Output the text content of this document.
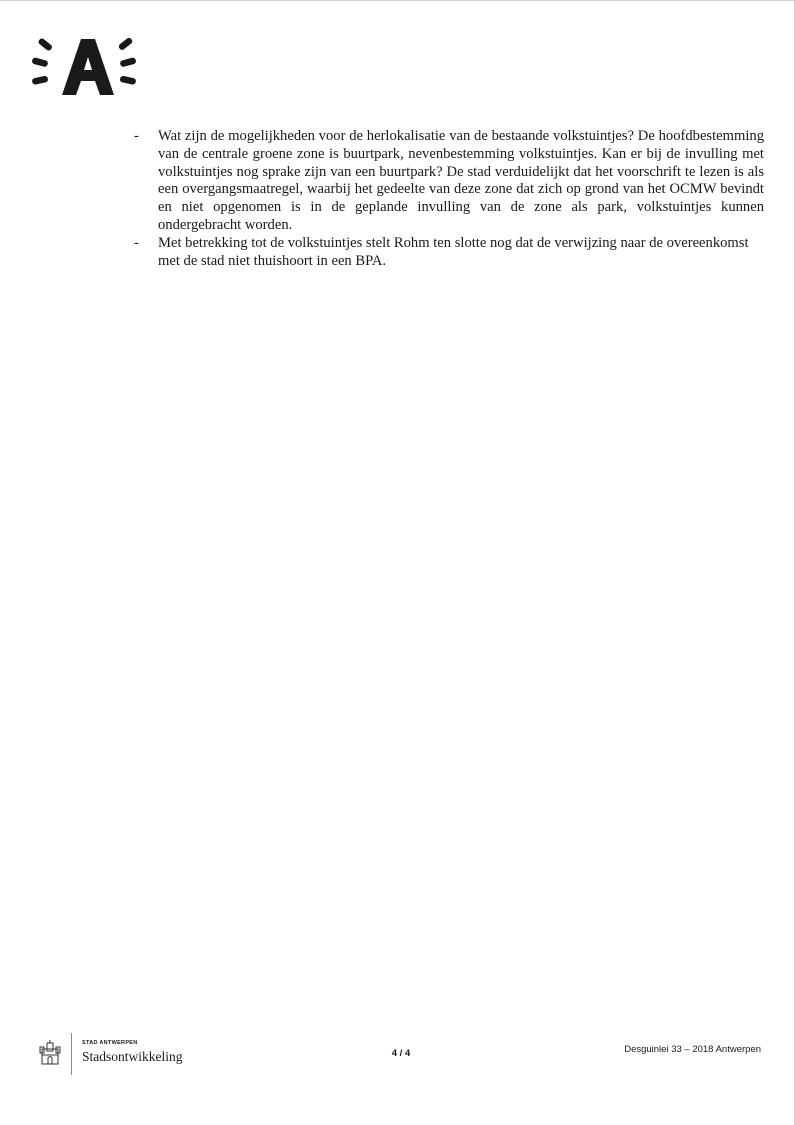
-	Wat zijn de mogelijkheden voor de herlokalisatie van de bestaande volkstuintjes? De hoofdbestemming van de centrale groene zone is buurtpark, nevenbestemming volkstuintjes. Kan er bij de invulling met volkstuintjes nog sprake zijn van een buurtpark? De stad verduidelijkt dat het voorschrift te lezen is als een overgangsmaatregel, waarbij het gedeelte van deze zone dat zich op grond van het OCMW bevindt en niet opgenomen is in de geplande invulling van de zone als park, volkstuintjes kunnen ondergebracht worden.

-	Met betrekking tot de volkstuintjes stelt Rohm ten slotte nog dat de verwijzing naar de overeenkomst met de stad niet thuishoort in een BPA.

STAD ANTWERPEN
Stadsontwikkeling	4 / 4	Desguinlei 33 – 2018 Antwerpen
